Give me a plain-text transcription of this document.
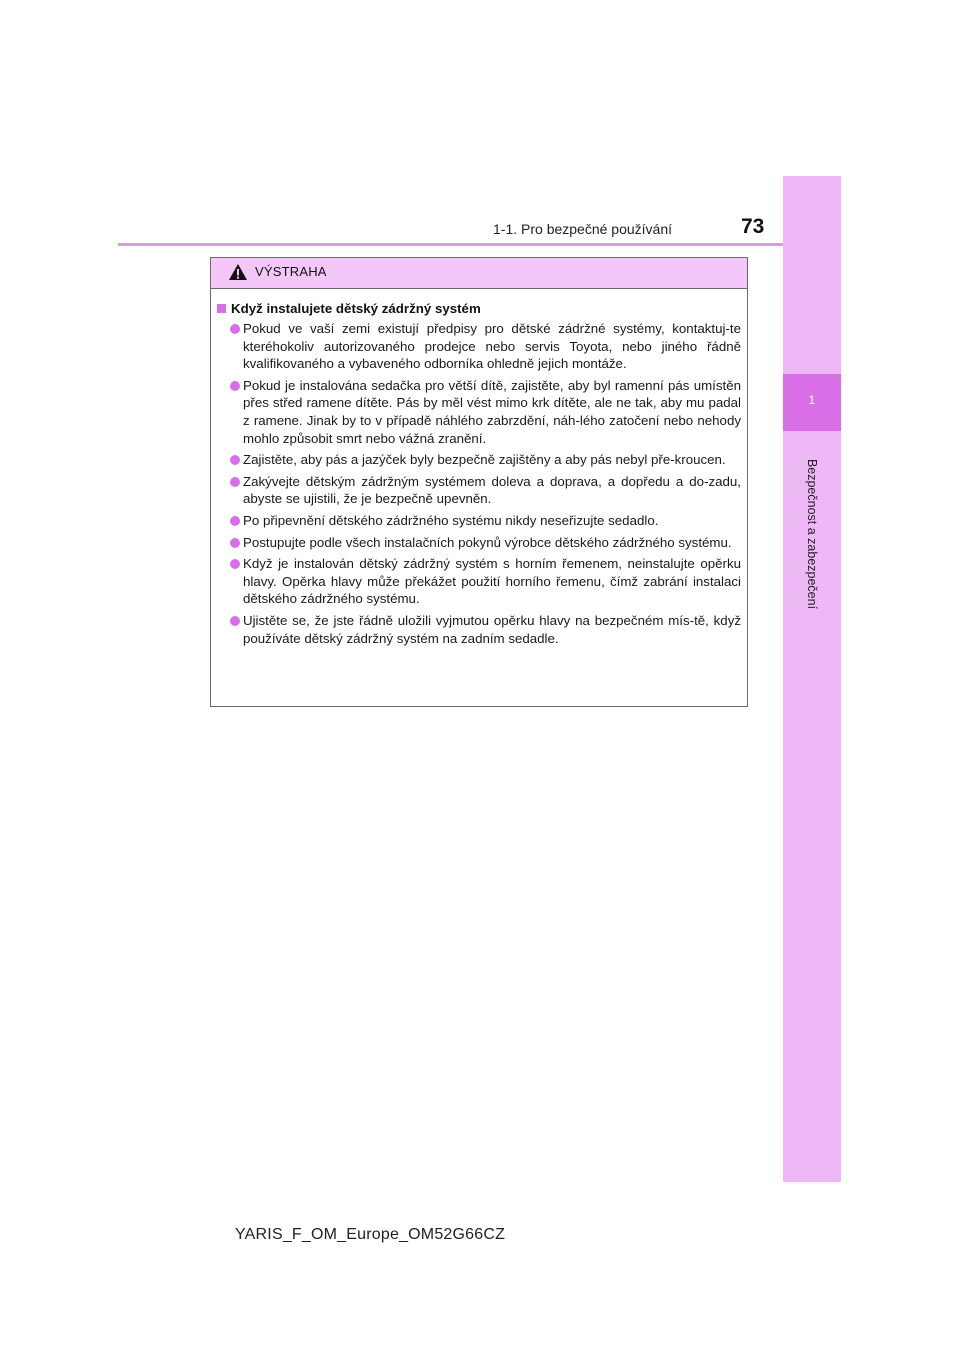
1-1. Pro bezpečné používání	73
1
Bezpečnost a zabezpečení
VÝSTRAHA
Když instalujete dětský zádržný systém
Pokud ve vaší zemi existují předpisy pro dětské zádržné systémy, kontaktuj-te kteréhokoliv autorizovaného prodejce nebo servis Toyota, nebo jiného řádně kvalifikovaného a vybaveného odborníka ohledně jejich montáže.
Pokud je instalována sedačka pro větší dítě, zajistěte, aby byl ramenní pás umístěn přes střed ramene dítěte. Pás by měl vést mimo krk dítěte, ale ne tak, aby mu padal z ramene. Jinak by to v případě náhlého zabrzdění, náh-lého zatočení nebo nehody mohlo způsobit smrt nebo vážná zranění.
Zajistěte, aby pás a jazýček byly bezpečně zajištěny a aby pás nebyl pře-kroucen.
Zakývejte dětským zádržným systémem doleva a doprava, a dopředu a do-zadu, abyste se ujistili, že je bezpečně upevněn.
Po připevnění dětského zádržného systému nikdy neseřizujte sedadlo.
Postupujte podle všech instalačních pokynů výrobce dětského zádržného systému.
Když je instalován dětský zádržný systém s horním řemenem, neinstalujte opěrku hlavy. Opěrka hlavy může překážet použití horního řemenu, čímž zabrání instalaci dětského zádržného systému.
Ujistěte se, že jste řádně uložili vyjmutou opěrku hlavy na bezpečném mís-tě, když používáte dětský zádržný systém na zadním sedadle.
YARIS_F_OM_Europe_OM52G66CZ
